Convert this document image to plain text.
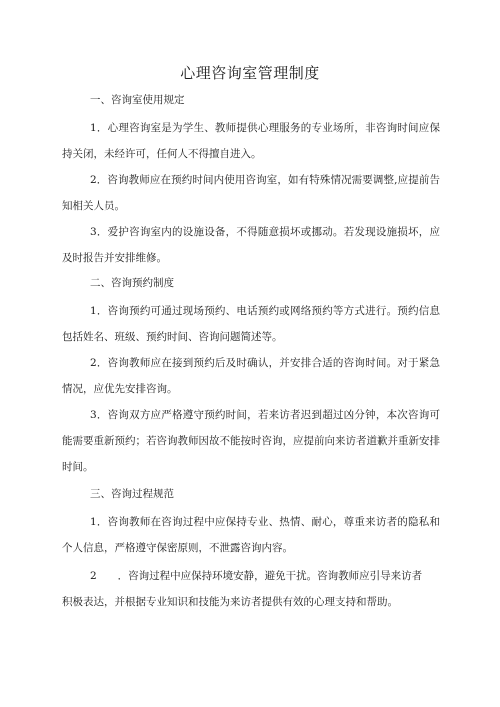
心理咨询室管理制度
一、咨询室使用规定
1．心理咨询室是为学生、教师提供心理服务的专业场所，非咨询时间应保持关闭，未经许可，任何人不得擅自进入。
2．咨询教师应在预约时间内使用咨询室，如有特殊情况需要调整,应提前告知相关人员。
3．爱护咨询室内的设施设备，不得随意损坏或挪动。若发现设施损坏，应及时报告并安排维修。
二、咨询预约制度
1．咨询预约可通过现场预约、电话预约或网络预约等方式进行。预约信息包括姓名、班级、预约时间、咨询问题简述等。
2．咨询教师应在接到预约后及时确认，并安排合适的咨询时间。对于紧急情况，应优先安排咨询。
3．咨询双方应严格遵守预约时间，若来访者迟到超过凶分钟，本次咨询可能需要重新预约；若咨询教师因故不能按时咨询，应提前向来访者道歉并重新安排时间。
三、咨询过程规范
1．咨询教师在咨询过程中应保持专业、热情、耐心，尊重来访者的隐私和个人信息，严格遵守保密原则，不泄露咨询内容。
2　　．咨询过程中应保持环境安静，避免干扰。咨询教师应引导来访者
积极表达，并根据专业知识和技能为来访者提供有效的心理支持和帮助。
